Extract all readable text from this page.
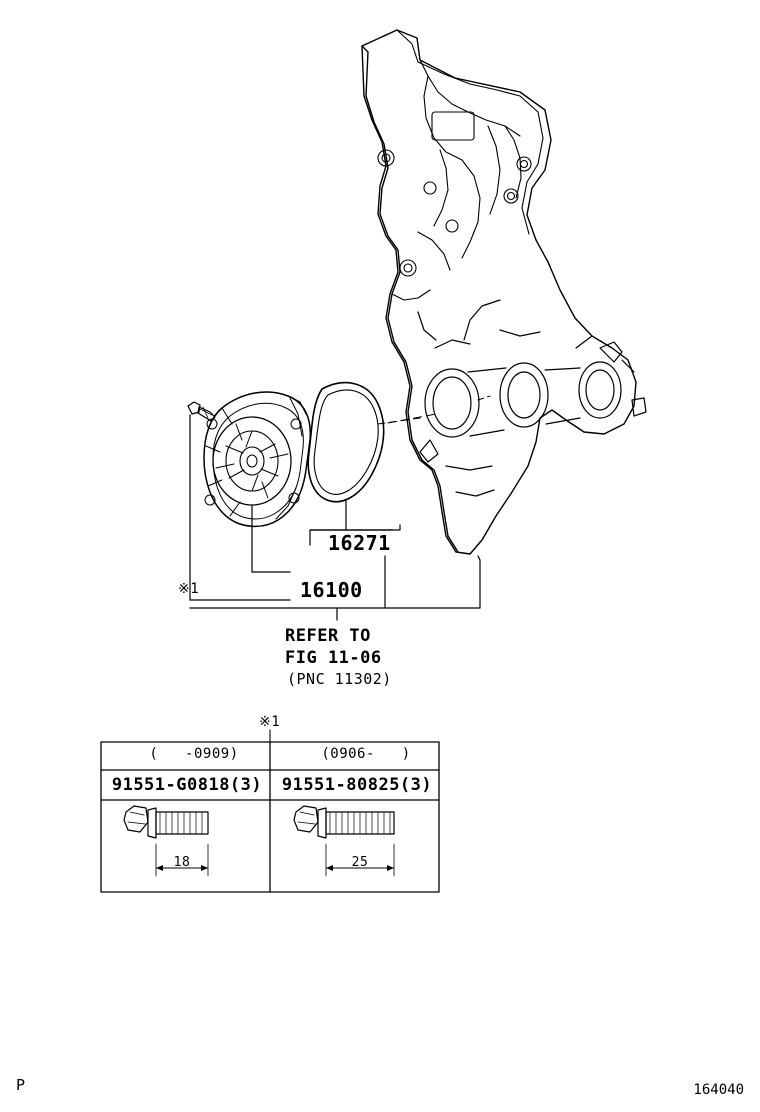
16271
16100
※1
REFER TO
FIG 11-06
(PNC 11302)
※1
(   -0909)	(0906-   )
91551-G0818(3) 91551-80825(3)
18	25
P	164040
